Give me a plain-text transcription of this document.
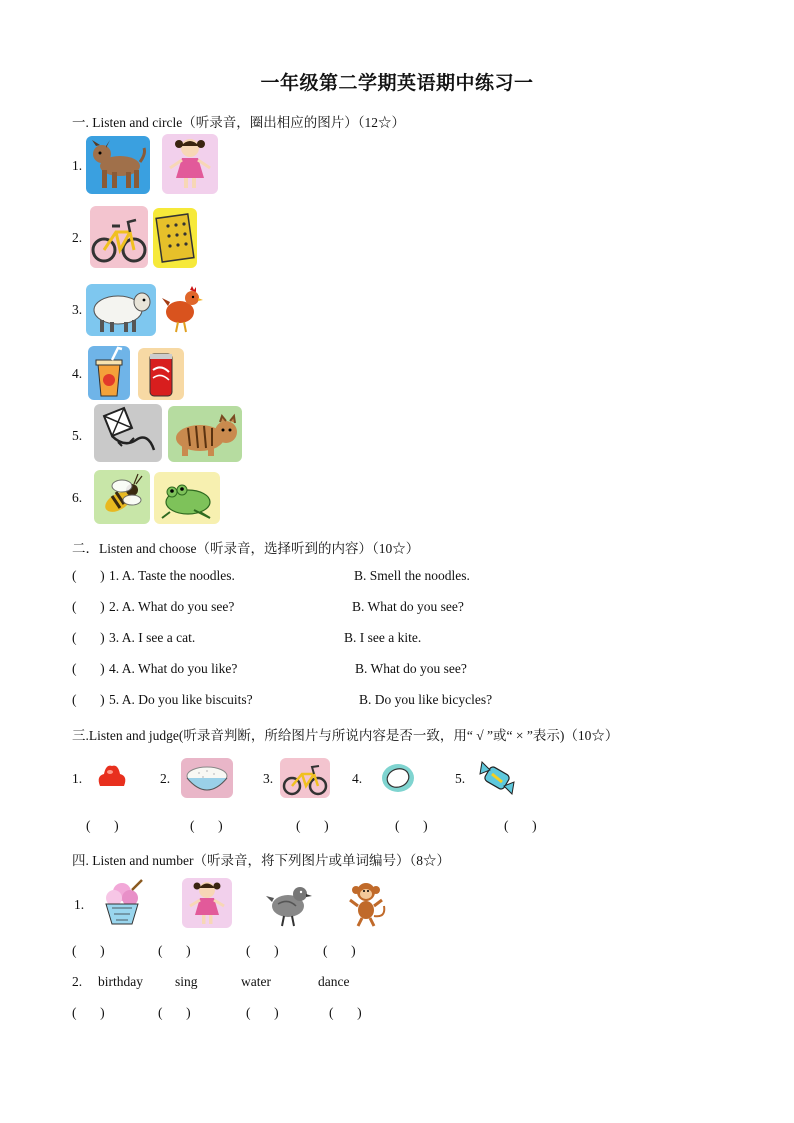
一年级第二学期英语期中练习一
一. Listen and circle（听录音，圈出相应的图片）（12☆）
1.
2.
3.
4.
5.
6.
二．Listen and choose（听录音，选择听到的内容）（10☆）
(       ) 1. A. Taste the noodles.	B. Smell the noodles.
(       ) 2. A. What do you see?	B. What do you see?
(       ) 3. A. I see a cat.	B. I see a kite.
(       ) 4. A. What do you like?	B. What do you see?
(       ) 5. A. Do you like biscuits?	B. Do you like bicycles?
三.Listen and judge(听录音判断，所给图片与所说内容是否一致，用“ √ ”或“ × ”表示)（10☆）
1.	2.	3.	4.	5.
(       )	(       )	(       )	(       )	(       )
四. Listen and number（听录音，将下列图片或单词编号）（8☆）
1.
(       )	(       )	(       )	(       )
2. birthday sing	water	dance
(       )	(       )	(       )	(       )
